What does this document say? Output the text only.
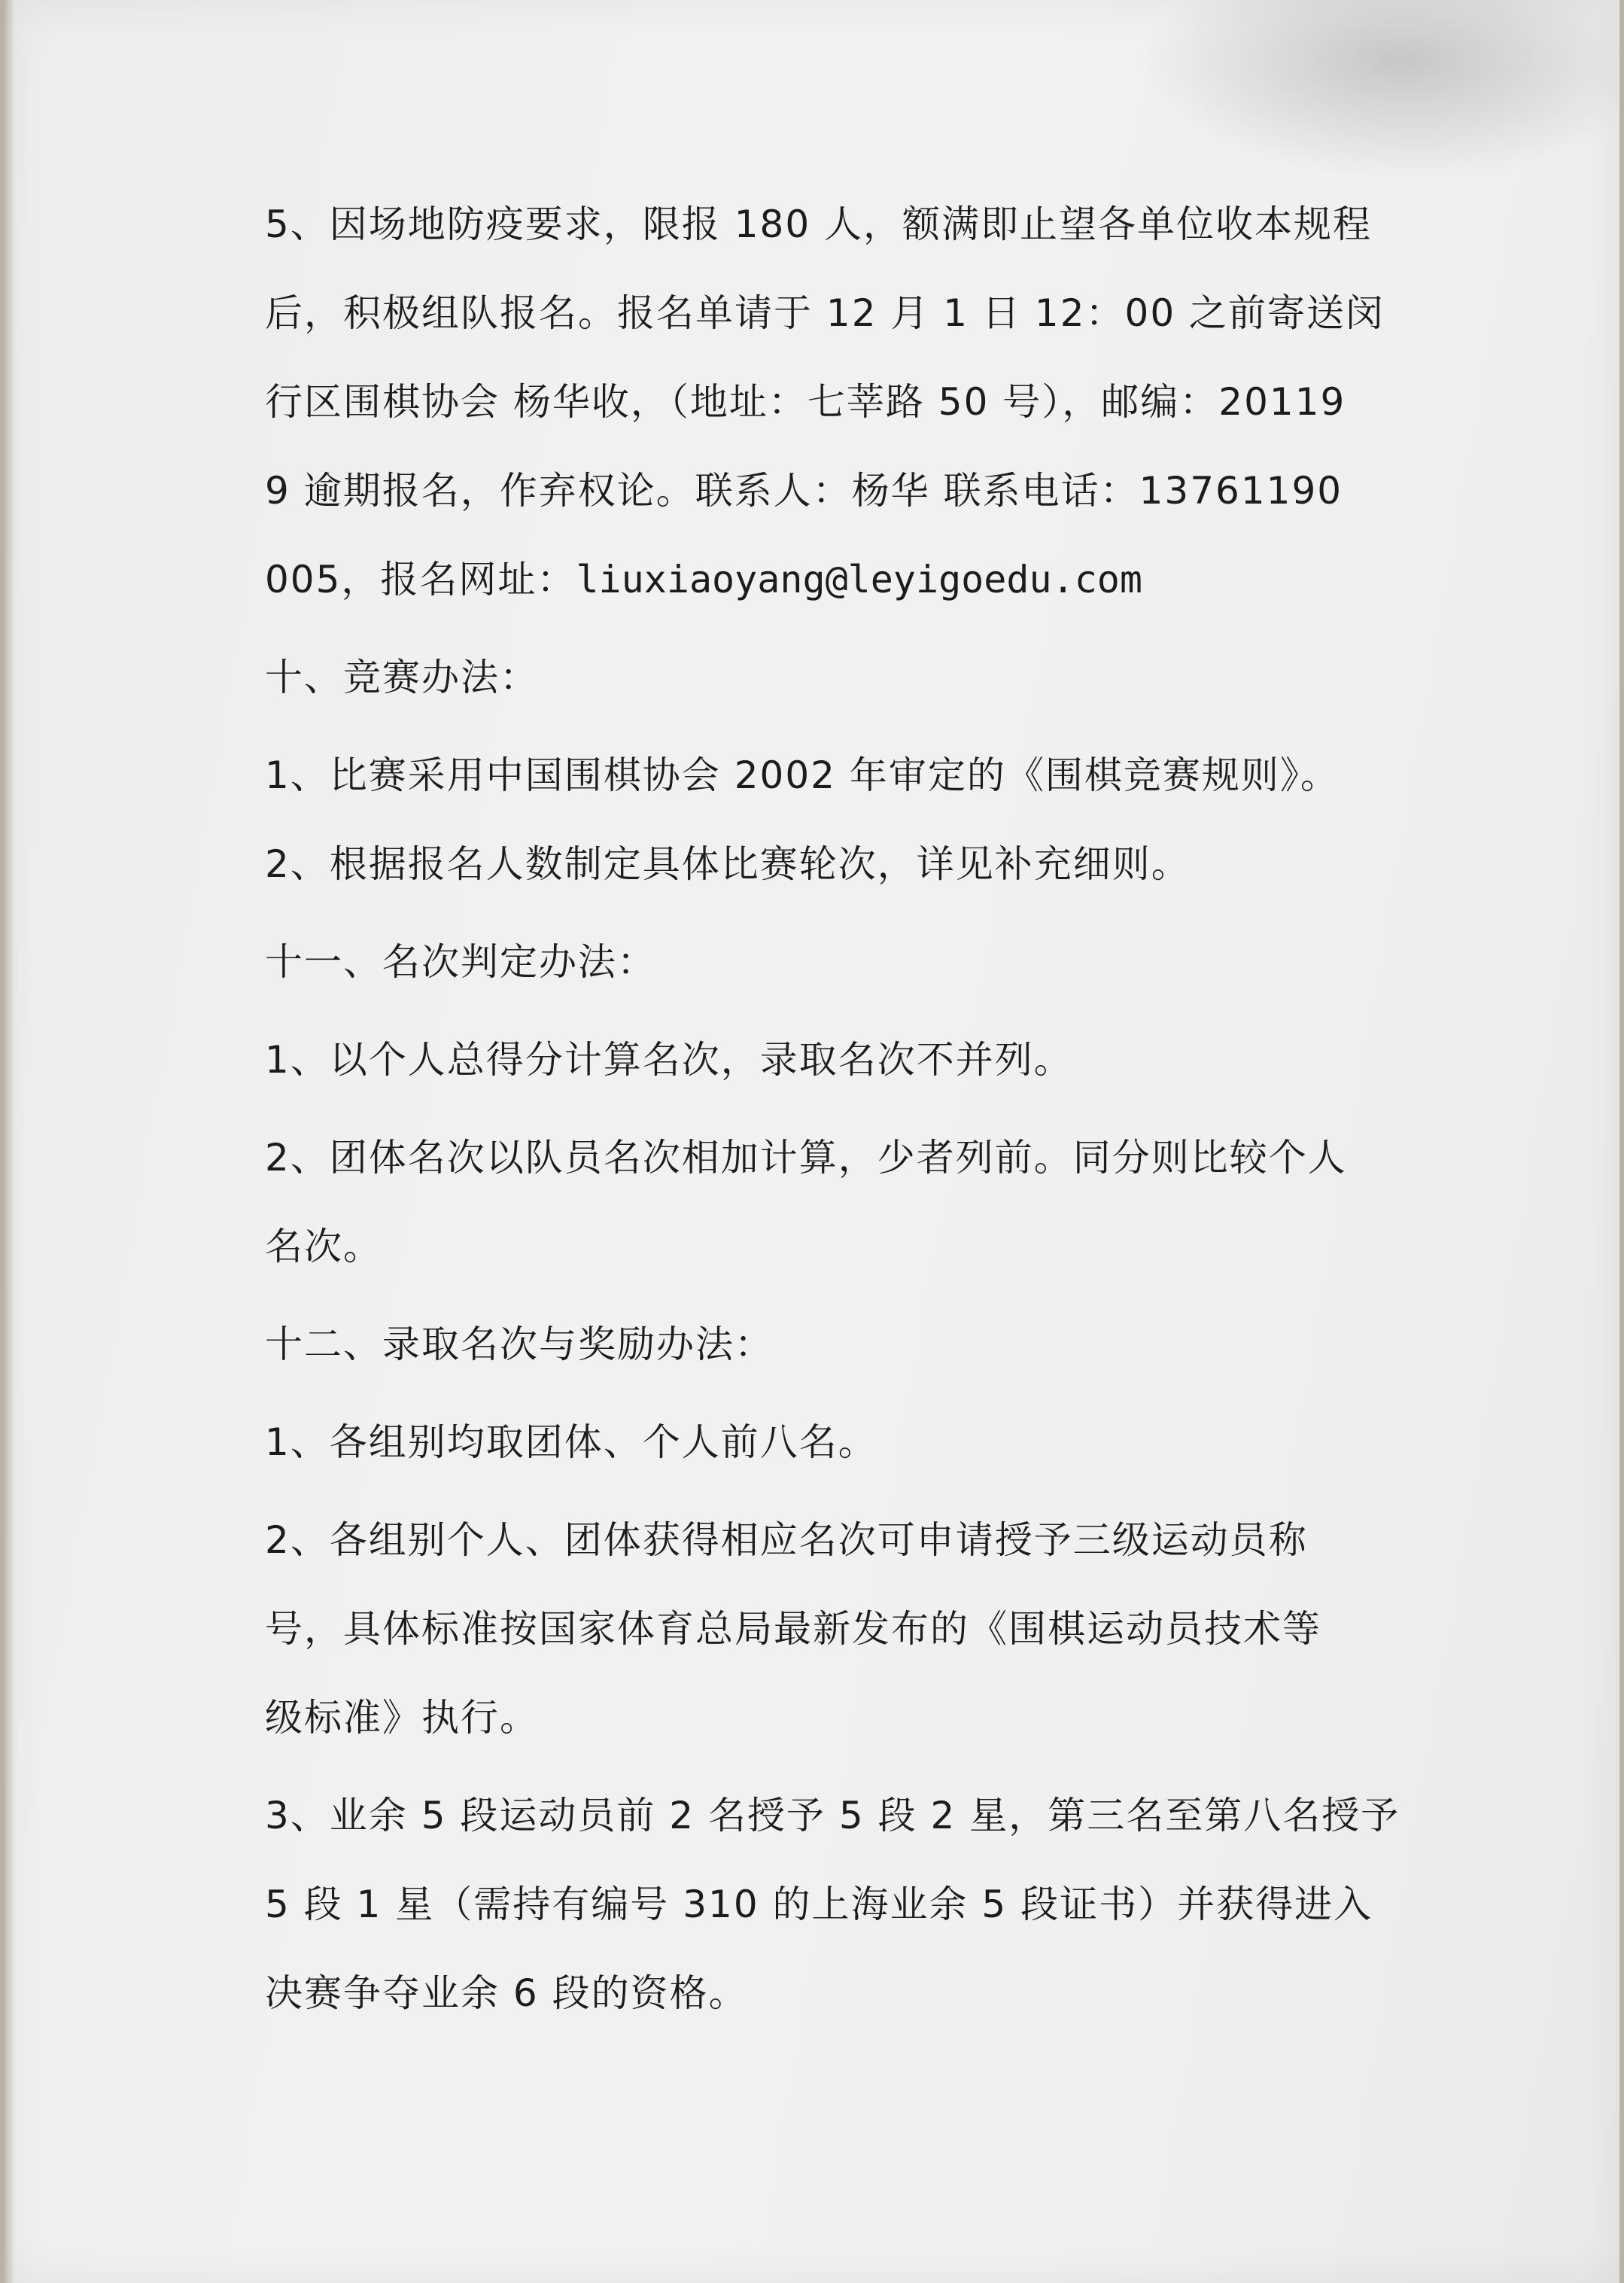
5、因场地防疫要求，限报 180 人，额满即止望各单位收本规程
后，积极组队报名。报名单请于 12 月 1 日 12：00 之前寄送闵
行区围棋协会 杨华收，（地址：七莘路 50 号），邮编：20119
9 逾期报名，作弃权论。联系人：杨华 联系电话：13761190
005，报名网址：liuxiaoyang@leyigoedu.com
十、竞赛办法：
1、比赛采用中国围棋协会 2002 年审定的《围棋竞赛规则》。
2、根据报名人数制定具体比赛轮次，详见补充细则。
十一、名次判定办法：
1、以个人总得分计算名次，录取名次不并列。
2、团体名次以队员名次相加计算，少者列前。同分则比较个人
名次。
十二、录取名次与奖励办法：
1、各组别均取团体、个人前八名。
2、各组别个人、团体获得相应名次可申请授予三级运动员称
号，具体标准按国家体育总局最新发布的《围棋运动员技术等
级标准》执行。
3、业余 5 段运动员前 2 名授予 5 段 2 星，第三名至第八名授予
5 段 1 星（需持有编号 310 的上海业余 5 段证书）并获得进入
决赛争夺业余 6 段的资格。
